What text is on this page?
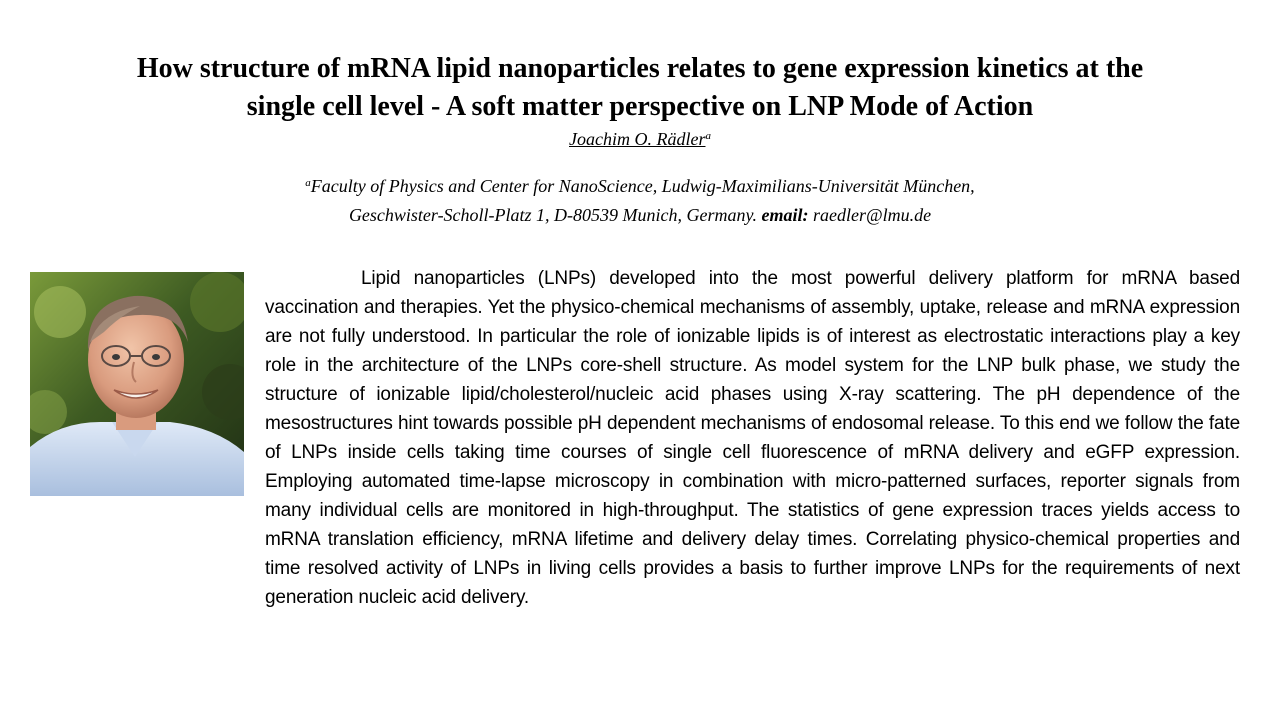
How structure of mRNA lipid nanoparticles relates to gene expression kinetics at the
single cell level - A soft matter perspective on LNP Mode of Action
Joachim O. Rädler$^a$
$^a$Faculty of Physics and Center for NanoScience, Ludwig-Maximilians-Universität München,
Geschwister-Scholl-Platz 1, D-80539 Munich, Germany. email: raedler@lmu.de

Lipid nanoparticles (LNPs) developed into the most powerful delivery platform for mRNA based vaccination and therapies. Yet the physico-chemical mechanisms of assembly, uptake, release and mRNA expression are not fully understood. In particular the role of ionizable lipids is of interest as electrostatic interactions play a key role in the architecture of the LNPs core-shell structure. As model system for the LNP bulk phase, we study the structure of ionizable lipid/cholesterol/nucleic acid phases using X-ray scattering. The pH dependence of the mesostructures hint towards possible pH dependent mechanisms of endosomal release. To this end we follow the fate of LNPs inside cells taking time courses of single cell fluorescence of mRNA delivery and eGFP expression. Employing automated time-lapse microscopy in combination with micro-patterned surfaces, reporter signals from many individual cells are monitored in high-throughput. The statistics of gene expression traces yields access to mRNA translation efficiency, mRNA lifetime and delivery delay times. Correlating physico-chemical properties and time resolved activity of LNPs in living cells provides a basis to further improve LNPs for the requirements of next generation nucleic acid delivery.
